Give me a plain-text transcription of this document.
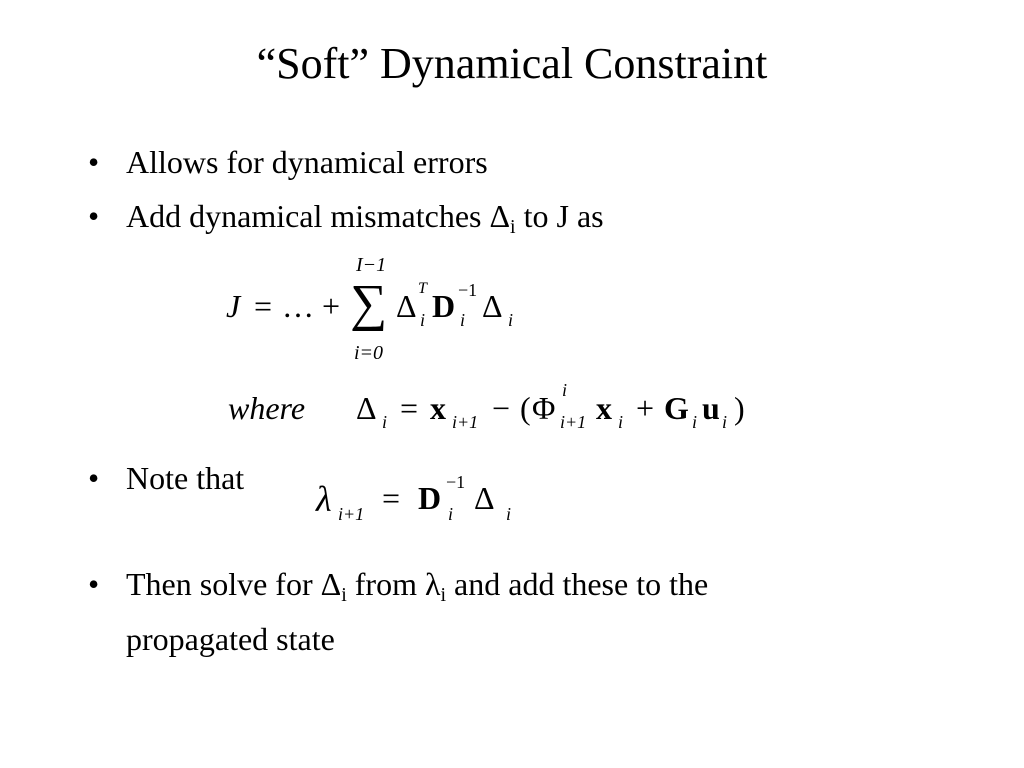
“Soft” Dynamical Constraint
• Allows for dynamical errors
• Add dynamical mismatches $\Delta_i$ to J as
J = … +
I−1
∑
i=0
Δ T
i D −1
i Δ i
where Δ i = x i+1 − ( Φ i
i+1 x i + G i u i )
• Note that
λ i+1 = D −1
i Δ i
• Then solve for $\Delta_i$ from $\lambda_i$ and add these to the
propagated state
